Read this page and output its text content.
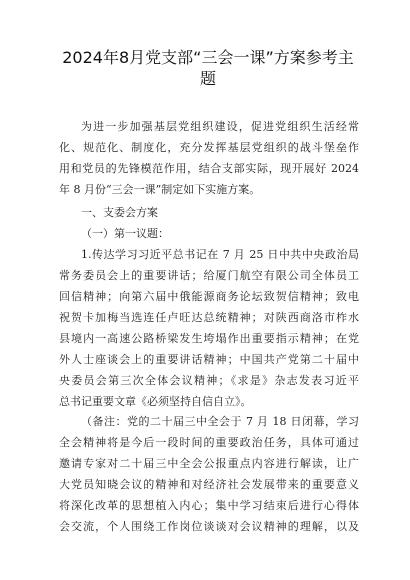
2024年8月党支部“三会一课”方案参考主
题
为进一步加强基层党组织建设，促进党组织生活经常
化、规范化、制度化，充分发挥基层党组织的战斗堡垒作
用和党员的先锋模范作用，结合支部实际，现开展好 2024
年 8 月份“三会一课”制定如下实施方案。
一、支委会方案
（一）第一议题：
1.传达学习习近平总书记在 7 月 25 日中共中央政治局
常务委员会上的重要讲话；给厦门航空有限公司全体员工
回信精神；向第六届中俄能源商务论坛致贺信精神；致电
祝贺卡加梅当选连任卢旺达总统精神；对陕西商洛市柞水
县境内一高速公路桥梁发生垮塌作出重要指示精神；在党
外人士座谈会上的重要讲话精神；中国共产党第二十届中
央委员会第三次全体会议精神；《求是》杂志发表习近平
总书记重要文章《必须坚持自信自立》。
（备注：党的二十届三中全会于 7 月 18 日闭幕，学习
全会精神将是今后一段时间的重要政治任务，具体可通过
邀请专家对二十届三中全会公报重点内容进行解读，让广
大党员知晓会议的精神和对经济社会发展带来的重要意义
将深化改革的思想植入内心；集中学习结束后进行心得体
会交流，个人围绕工作岗位谈谈对会议精神的理解，以及
